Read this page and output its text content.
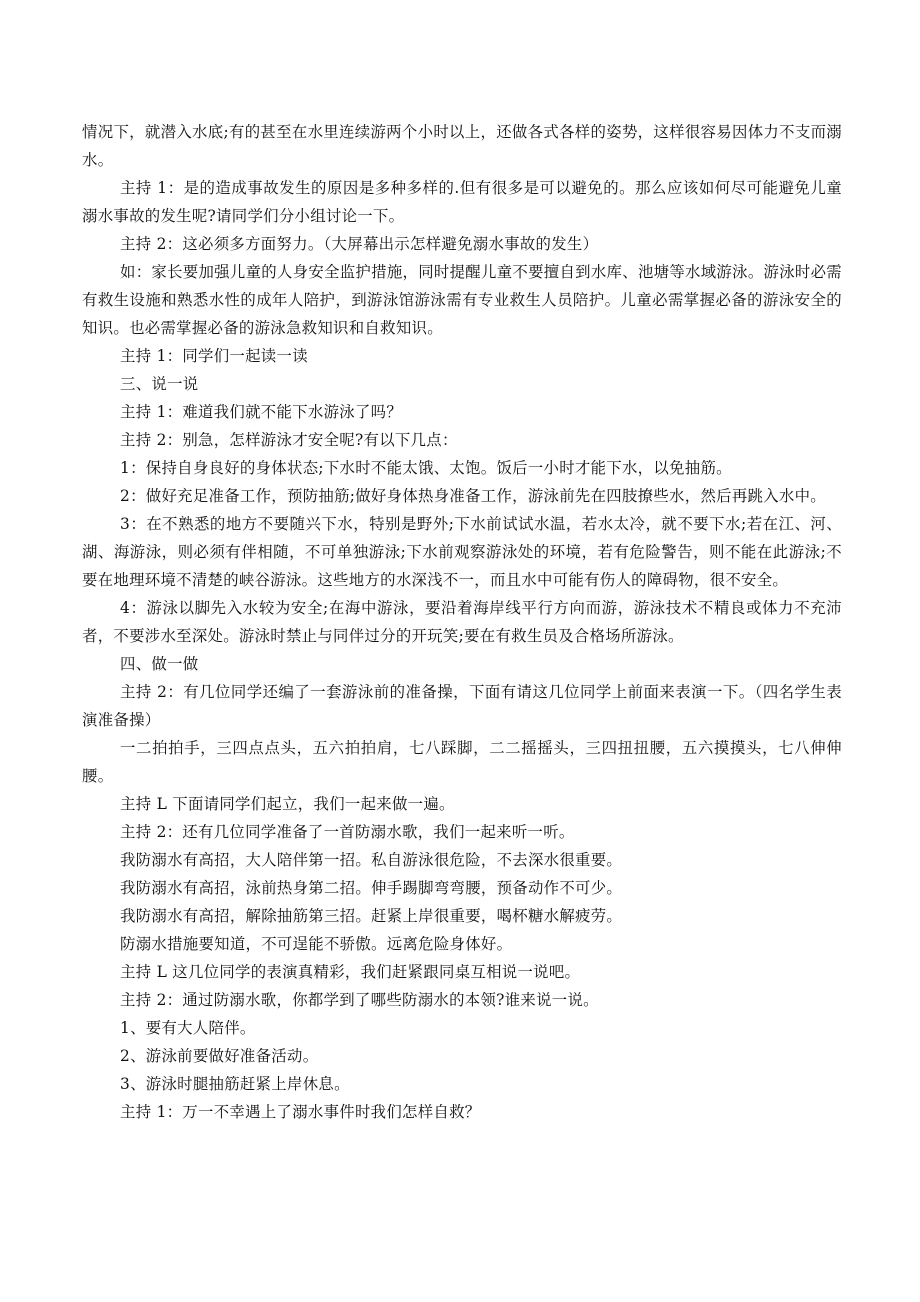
情况下，就潜入水底;有的甚至在水里连续游两个小时以上，还做各式各样的姿势，这样很容易因体力不支而溺水。

主持 1：是的造成事故发生的原因是多种多样的.但有很多是可以避免的。那么应该如何尽可能避免儿童溺水事故的发生呢?请同学们分小组讨论一下。

主持 2：这必须多方面努力。（大屏幕出示怎样避免溺水事故的发生）

如：家长要加强儿童的人身安全监护措施，同时提醒儿童不要擅自到水库、池塘等水域游泳。游泳时必需有救生设施和熟悉水性的成年人陪护，到游泳馆游泳需有专业救生人员陪护。儿童必需掌握必备的游泳安全的知识。也必需掌握必备的游泳急救知识和自救知识。

主持 1：同学们一起读一读

三、说一说

主持 1：难道我们就不能下水游泳了吗？

主持 2：别急，怎样游泳才安全呢?有以下几点：

1：保持自身良好的身体状态;下水时不能太饿、太饱。饭后一小时才能下水，以免抽筋。

2：做好充足准备工作，预防抽筋;做好身体热身准备工作，游泳前先在四肢撩些水，然后再跳入水中。

3：在不熟悉的地方不要随兴下水，特别是野外;下水前试试水温，若水太冷，就不要下水;若在江、河、湖、海游泳，则必须有伴相随，不可单独游泳;下水前观察游泳处的环境，若有危险警告，则不能在此游泳;不要在地理环境不清楚的峡谷游泳。这些地方的水深浅不一，而且水中可能有伤人的障碍物，很不安全。

4：游泳以脚先入水较为安全;在海中游泳，要沿着海岸线平行方向而游，游泳技术不精良或体力不充沛者，不要涉水至深处。游泳时禁止与同伴过分的开玩笑;要在有救生员及合格场所游泳。

四、做一做

主持 2：有几位同学还编了一套游泳前的准备操，下面有请这几位同学上前面来表演一下。（四名学生表演准备操）

一二拍拍手，三四点点头，五六拍拍肩，七八踩脚，二二摇摇头，三四扭扭腰，五六摸摸头，七八伸伸腰。

主持 L 下面请同学们起立，我们一起来做一遍。

主持 2：还有几位同学准备了一首防溺水歌，我们一起来听一听。

我防溺水有高招，大人陪伴第一招。私自游泳很危险，不去深水很重要。

我防溺水有高招，泳前热身第二招。伸手踢脚弯弯腰，预备动作不可少。

我防溺水有高招，解除抽筋第三招。赶紧上岸很重要，喝杯糖水解疲劳。

防溺水措施要知道，不可逞能不骄傲。远离危险身体好。

主持 L 这几位同学的表演真精彩，我们赶紧跟同桌互相说一说吧。

主持 2：通过防溺水歌，你都学到了哪些防溺水的本领?谁来说一说。

1、要有大人陪伴。

2、游泳前要做好准备活动。

3、游泳时腿抽筋赶紧上岸休息。

主持 1：万一不幸遇上了溺水事件时我们怎样自救？
